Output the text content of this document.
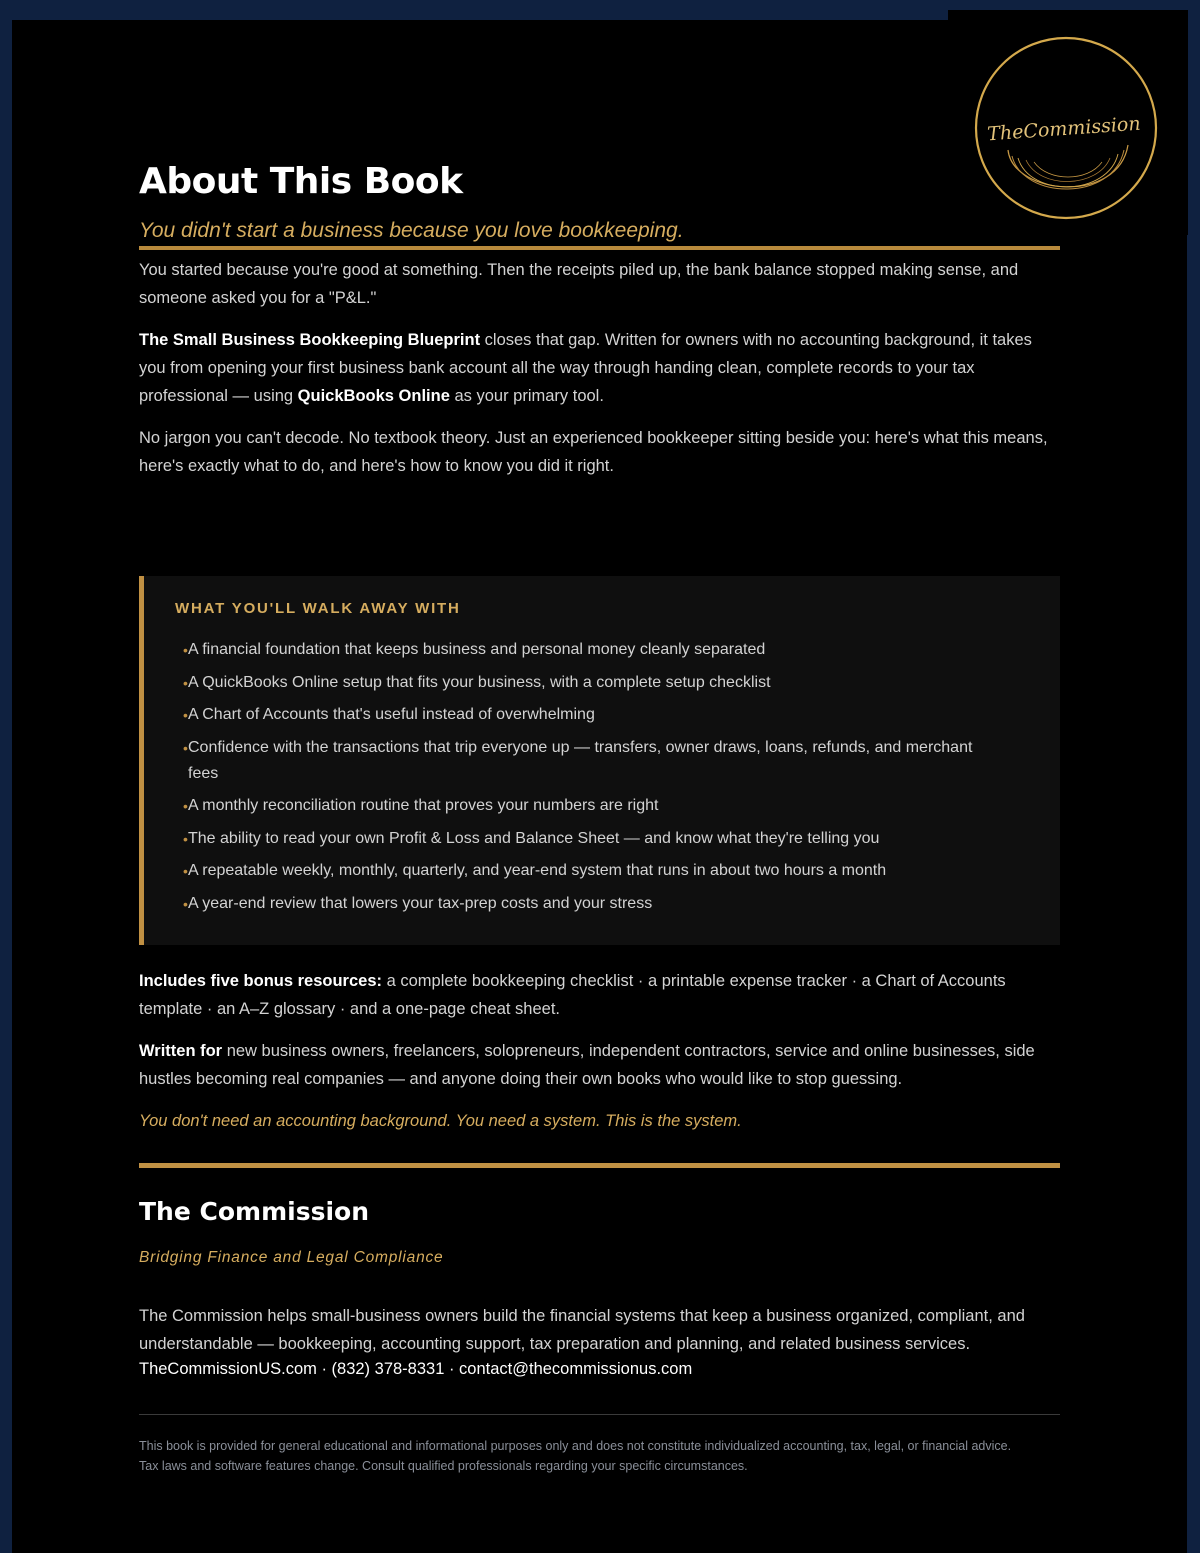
TheCommission
About This Book
You didn't start a business because you love bookkeeping.

You started because you're good at something. Then the receipts piled up, the bank balance stopped making sense, and someone asked you for a "P&L."

The Small Business Bookkeeping Blueprint closes that gap. Written for owners with no accounting background, it takes you from opening your first business bank account all the way through handing clean, complete records to your tax professional — using QuickBooks Online as your primary tool.

No jargon you can't decode. No textbook theory. Just an experienced bookkeeper sitting beside you: here's what this means, here's exactly what to do, and here's how to know you did it right.

WHAT YOU'LL WALK AWAY WITH
• A financial foundation that keeps business and personal money cleanly separated
• A QuickBooks Online setup that fits your business, with a complete setup checklist
• A Chart of Accounts that's useful instead of overwhelming
• Confidence with the transactions that trip everyone up — transfers, owner draws, loans, refunds, and merchant fees
• A monthly reconciliation routine that proves your numbers are right
• The ability to read your own Profit & Loss and Balance Sheet — and know what they're telling you
• A repeatable weekly, monthly, quarterly, and year-end system that runs in about two hours a month
• A year-end review that lowers your tax-prep costs and your stress

Includes five bonus resources: a complete bookkeeping checklist · a printable expense tracker · a Chart of Accounts template · an A–Z glossary · and a one-page cheat sheet.

Written for new business owners, freelancers, solopreneurs, independent contractors, service and online businesses, side hustles becoming real companies — and anyone doing their own books who would like to stop guessing.

You don't need an accounting background. You need a system. This is the system.

The Commission
Bridging Finance and Legal Compliance
The Commission helps small-business owners build the financial systems that keep a business organized, compliant, and understandable — bookkeeping, accounting support, tax preparation and planning, and related business services.
TheCommissionUS.com · (832) 378-8331 · contact@thecommissionus.com
This book is provided for general educational and informational purposes only and does not constitute individualized accounting, tax, legal, or financial advice. Tax laws and software features change. Consult qualified professionals regarding your specific circumstances.
